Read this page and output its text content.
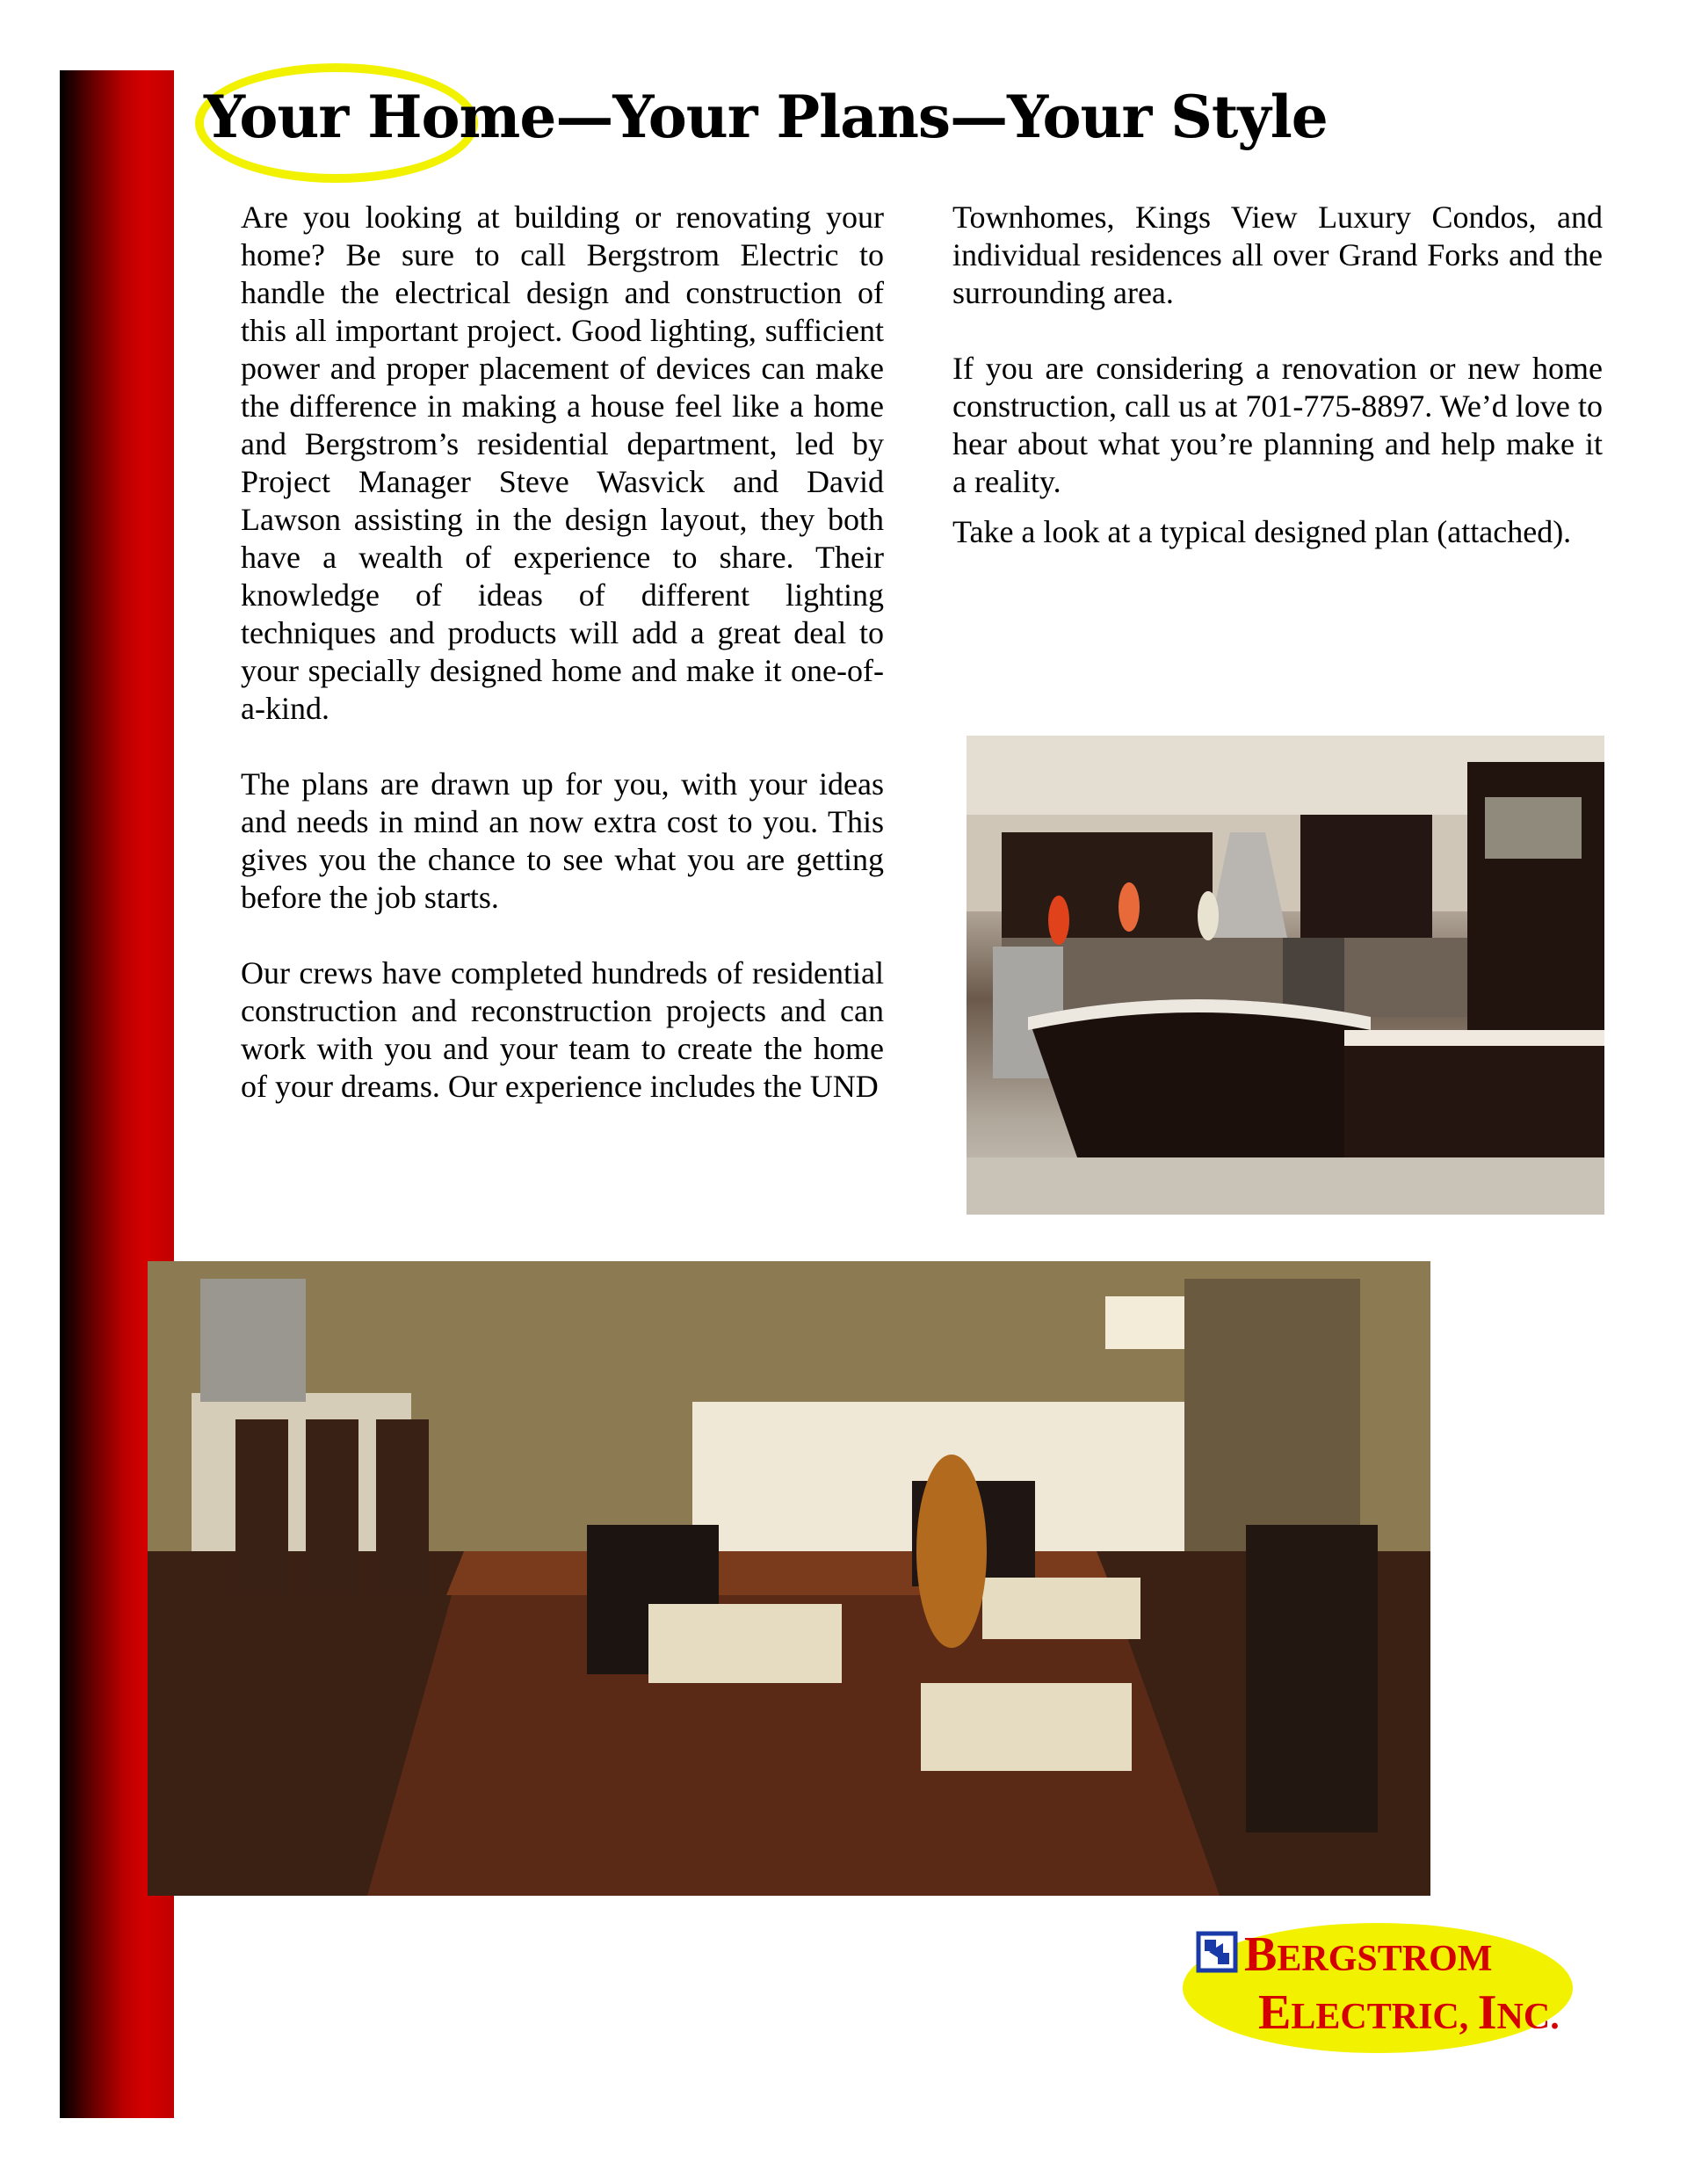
Your Home—Your Plans—Your Style

Are you looking at building or renovating your home? Be sure to call Bergstrom Electric to handle the electrical design and construction of this all important project. Good lighting, sufficient power and proper placement of devices can make the difference in making a house feel like a home and Bergstrom’s residential department, led by Project Manager Steve Wasvick and David Lawson assisting in the design layout, they both have a wealth of experience to share. Their knowledge of ideas of different lighting techniques and products will add a great deal to your specially designed home and make it one-of-a-kind.

The plans are drawn up for you, with your ideas and needs in mind an now extra cost to you. This gives you the chance to see what you are getting before the job starts.

Our crews have completed hundreds of residential construction and reconstruction projects and can work with you and your team to create the home of your dreams. Our experience includes the UND

Townhomes, Kings View Luxury Condos, and individual residences all over Grand Forks and the surrounding area.

If you are considering a renovation or new home construction, call us at 701-775-8897. We’d love to hear about what you’re planning and help make it a reality.

Take a look at a typical designed plan (attached).

BERGSTROM
ELECTRIC, INC.
